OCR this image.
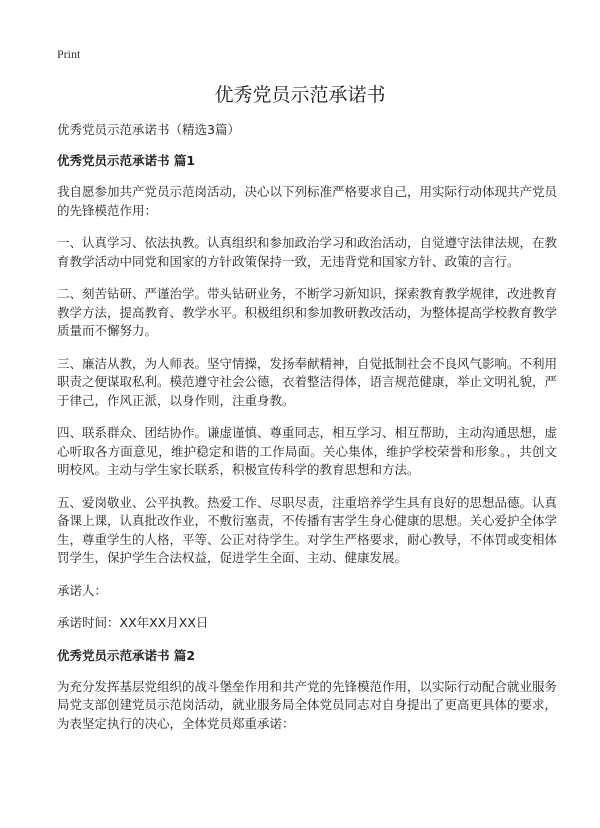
Print
优秀党员示范承诺书

优秀党员示范承诺书（精选3篇）

优秀党员示范承诺书 篇1

我自愿参加共产党员示范岗活动，决心以下列标准严格要求自己，用实际行动体现共产党员的先锋模范作用：

一、认真学习、依法执教。认真组织和参加政治学习和政治活动，自觉遵守法律法规，在教育教学活动中同党和国家的方针政策保持一致，无违背党和国家方针、政策的言行。

二、刻苦钻研、严谨治学。带头钻研业务，不断学习新知识，探索教育教学规律，改进教育教学方法，提高教育、教学水平。积极组织和参加教研教改活动，为整体提高学校教育教学质量而不懈努力。

三、廉洁从教，为人师表。坚守情操，发扬奉献精神，自觉抵制社会不良风气影响。不利用职责之便谋取私利。模范遵守社会公德，衣着整洁得体，语言规范健康，举止文明礼貌，严于律己，作风正派，以身作则，注重身教。

四、联系群众、团结协作。谦虚谨慎、尊重同志，相互学习、相互帮助，主动沟通思想，虚心听取各方面意见，维护稳定和谐的工作局面。关心集体，维护学校荣誉和形象。，共创文明校风。主动与学生家长联系，积极宣传科学的教育思想和方法。

五、爱岗敬业、公平执教。热爱工作、尽职尽责，注重培养学生具有良好的思想品德。认真备课上课，认真批改作业，不敷衍塞责，不传播有害学生身心健康的思想。关心爱护全体学生，尊重学生的人格，平等、公正对待学生。对学生严格要求，耐心教导，不体罚或变相体罚学生，保护学生合法权益，促进学生全面、主动、健康发展。

承诺人：

承诺时间：XX年XX月XX日

优秀党员示范承诺书 篇2

为充分发挥基层党组织的战斗堡垒作用和共产党的先锋模范作用，以实际行动配合就业服务局党支部创建党员示范岗活动，就业服务局全体党员同志对自身提出了更高更具体的要求，为表坚定执行的决心，全体党员郑重承诺：
